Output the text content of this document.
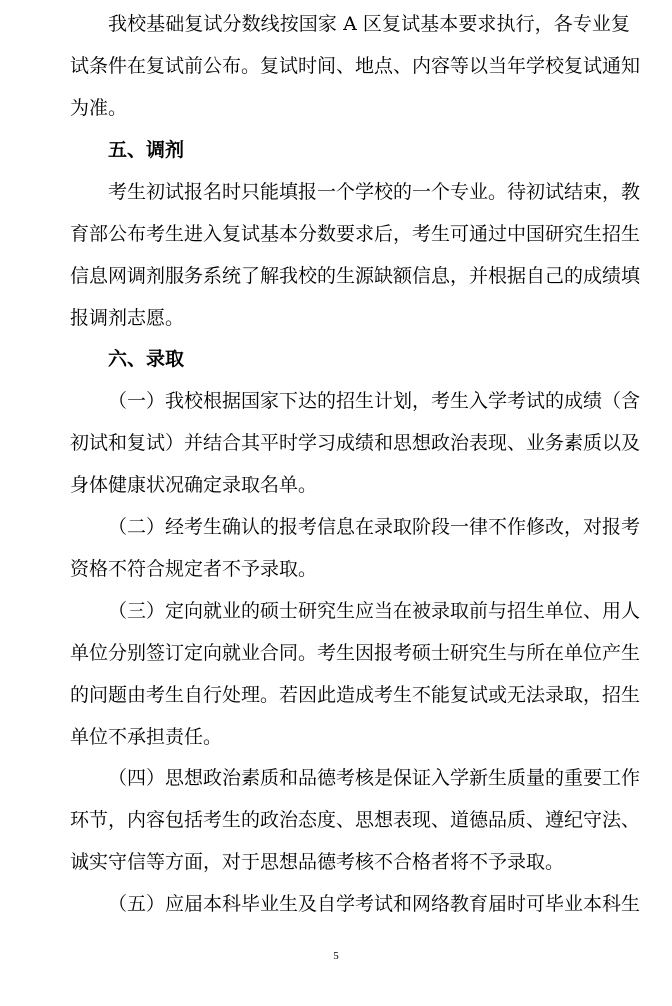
我校基础复试分数线按国家 A 区复试基本要求执行，各专业复
试条件在复试前公布。复试时间、地点、内容等以当年学校复试通知
为准。
五、调剂
考生初试报名时只能填报一个学校的一个专业。待初试结束，教
育部公布考生进入复试基本分数要求后，考生可通过中国研究生招生
信息网调剂服务系统了解我校的生源缺额信息，并根据自己的成绩填
报调剂志愿。
六、录取
（一）我校根据国家下达的招生计划，考生入学考试的成绩（含
初试和复试）并结合其平时学习成绩和思想政治表现、业务素质以及
身体健康状况确定录取名单。
（二）经考生确认的报考信息在录取阶段一律不作修改，对报考
资格不符合规定者不予录取。
（三）定向就业的硕士研究生应当在被录取前与招生单位、用人
单位分别签订定向就业合同。考生因报考硕士研究生与所在单位产生
的问题由考生自行处理。若因此造成考生不能复试或无法录取，招生
单位不承担责任。
（四）思想政治素质和品德考核是保证入学新生质量的重要工作
环节，内容包括考生的政治态度、思想表现、道德品质、遵纪守法、
诚实守信等方面，对于思想品德考核不合格者将不予录取。
（五）应届本科毕业生及自学考试和网络教育届时可毕业本科生
5
